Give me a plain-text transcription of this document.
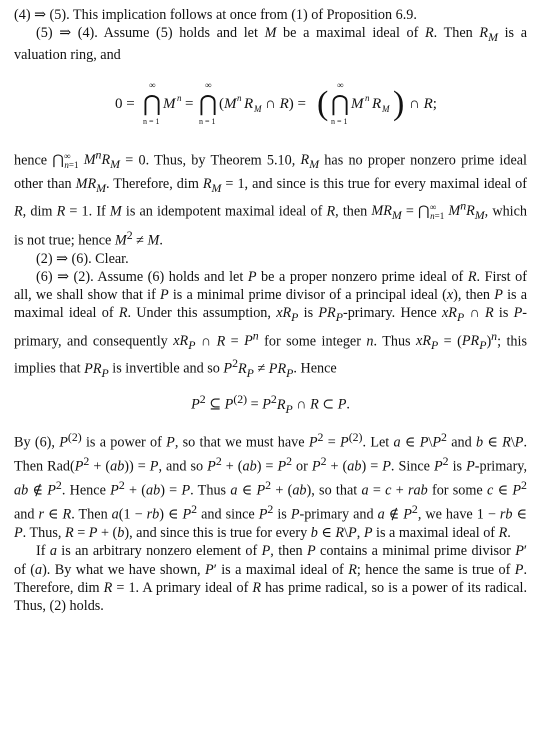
(4) ⇒ (5). This implication follows at once from (1) of Proposition 6.9.

(5) ⇒ (4). Assume (5) holds and let M be a maximal ideal of R. Then $R_M$ is a valuation ring, and

0 =
∞
⋂
n = 1
M n =
∞
⋂
n = 1
(M n R M ∩ R) = ( ∞
⋂
n = 1
M n R M ) ∩ R;

hence $⋂^\infty_{n=1}$ $M^nR_M = 0$. Thus, by Theorem 5.10, $R_M$ has no proper nonzero prime ideal other than $MR_M$. Therefore, dim $R_M = 1$, and since is this true for every maximal ideal of R, dim R = 1. If M is an idempotent maximal ideal of R, then $MR_M$ = $⋂^\infty_{n=1}$ $M^nR_M$, which is not true; hence $M^2 \ne M$.

(2) ⇒ (6). Clear.

(6) ⇒ (2). Assume (6) holds and let P be a proper nonzero prime ideal of R. First of all, we shall show that if P is a minimal prime divisor of a principal ideal (x), then P is a maximal ideal of R. Under this assumption, $xR_P$ is $PR_P$-primary. Hence $xR_P$ ∩ R is P-primary, and consequently $xR_P$ ∩ $R = P^n$ for some integer n. Thus $xR_P = (PR_P)^n$; this implies that $PR_P$ is invertible and so $P^2R_P \ne PR_P$. Hence

$P^2$ ⊆ $P^{(2)} = P^2R_P$ ∩ R ⊂ P.

By (6), $P^{(2)}$ is a power of P, so that we must have $P^2 = P^{(2)}$. Let a ∈ $P\backslash P^2$ and b ∈ R\P. Then $Rad(P^2 + (ab)) = P$, and so $P^2 + (ab) = P^2$ or $P^2 + (ab) = P$. Since $P^2$ is P-primary, ab ∉ $P^2$. Hence $P^2 + (ab) = P$. Thus a ∈ $P^2 + (ab)$, so that a = c + rab for some c ∈ $P^2$ and r ∈ R. Then a(1 − rb) ∈ $P^2$ and since $P^2$ is P-primary and a ∉ $P^2$, we have 1 − rb ∈ P. Thus, R = P + (b), and since this is true for every b ∈ R\P, P is a maximal ideal of R.

If a is an arbitrary nonzero element of P, then P contains a minimal prime divisor P′ of (a). By what we have shown, P′ is a maximal ideal of R; hence the same is true of P. Therefore, dim R = 1. A primary ideal of R has prime radical, so is a power of its radical. Thus, (2) holds.
